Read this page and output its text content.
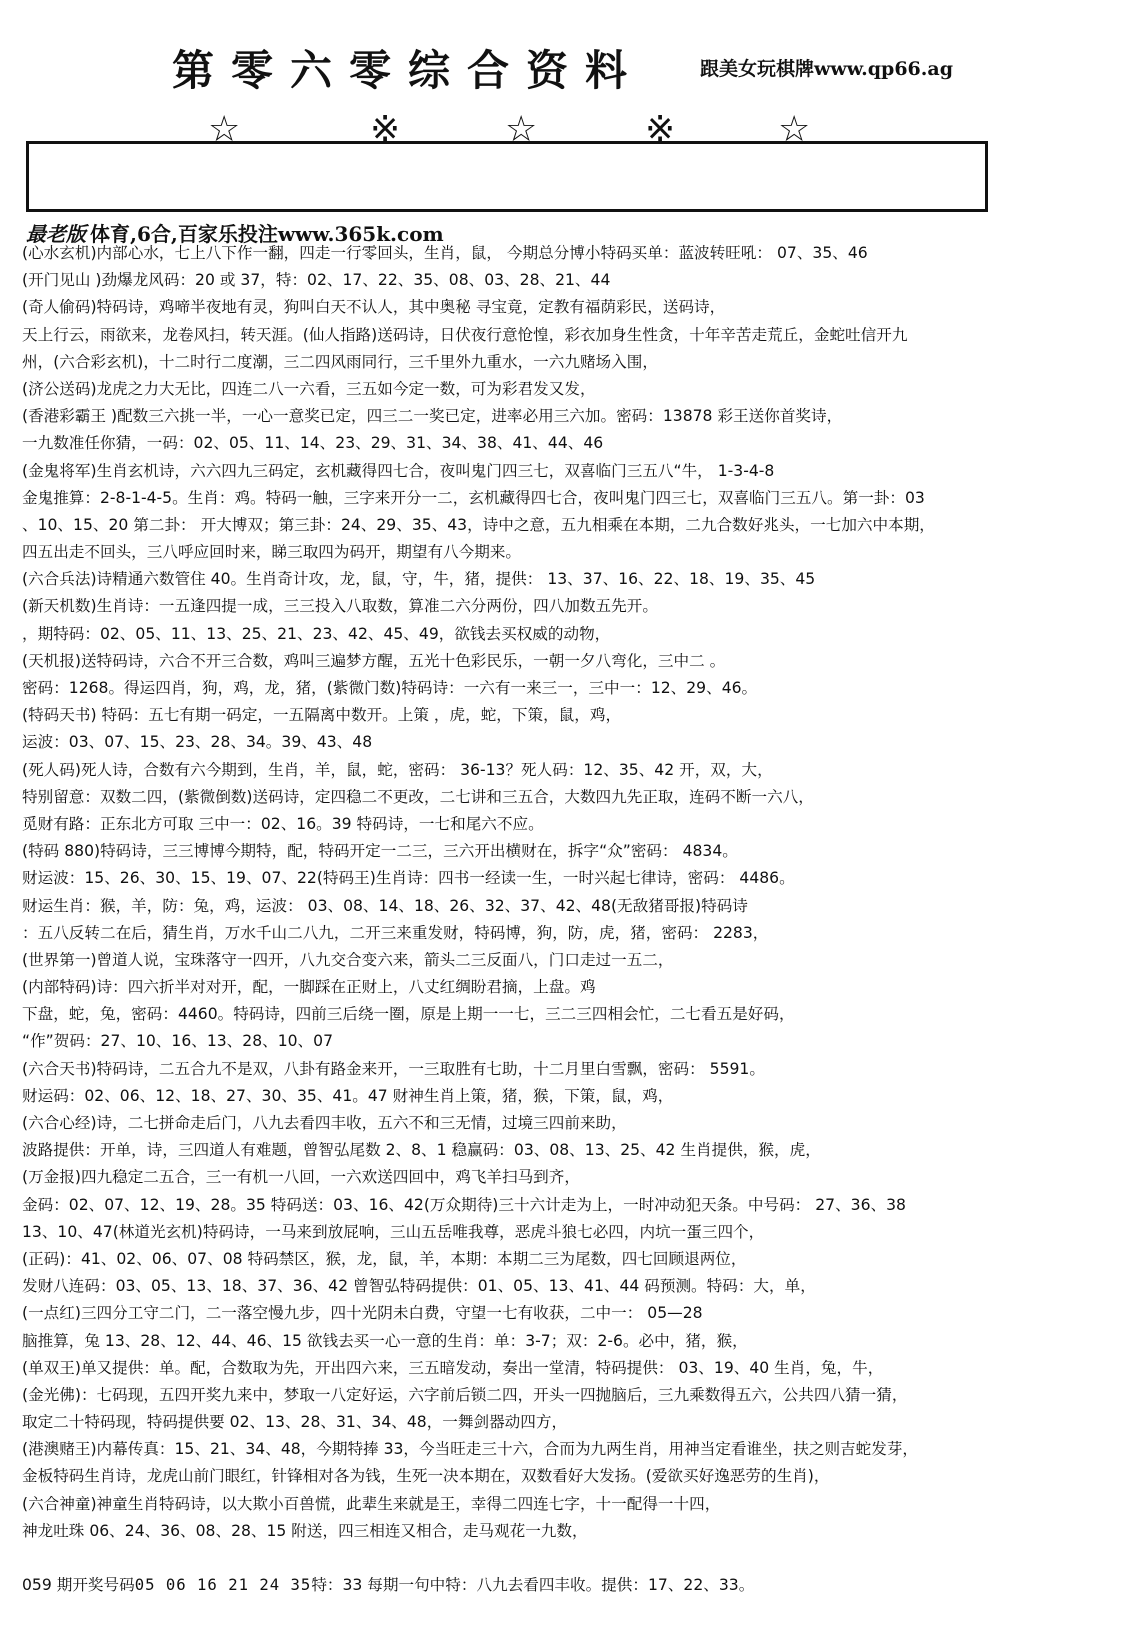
第零六零综合资料	跟美女玩棋牌www.qp66.ag
☆	※	☆	※	☆
最老版 体育,6合,百家乐投注www.365k.com
(心水玄机)内部心水，七上八下作一翻，四走一行零回头，生肖，鼠， 今期总分博小特码买单：蓝波转旺吼： 07、35、46
(开门见山 )劲爆龙风码：20 或 37，特：02、17、22、35、08、03、28、21、44
(奇人偷码)特码诗，鸡啼半夜地有灵，狗叫白天不认人，其中奥秘 寻宝竟，定教有福荫彩民，送码诗，
天上行云，雨欲来，龙卷风扫，转天涯。(仙人指路)送码诗，日伏夜行意怆惶，彩衣加身生性贪，十年辛苦走荒丘，金蛇吐信开九
州，(六合彩玄机)，十二时行二度潮，三二四风雨同行，三千里外九重水，一六九赌场入围，
(济公送码)龙虎之力大无比，四连二八一六看，三五如今定一数，可为彩君发又发，
(香港彩霸王 )配数三六挑一半，一心一意奖已定，四三二一奖已定，进率必用三六加。密码：13878 彩王送你首奖诗，
一九数准任你猜，一码：02、05、11、14、23、29、31、34、38、41、44、46
(金鬼将军)生肖玄机诗，六六四九三码定，玄机藏得四七合，夜叫鬼门四三七，双喜临门三五八“牛， 1-3-4-8
金鬼推算：2-8-1-4-5。生肖：鸡。特码一触，三字来开分一二，玄机藏得四七合，夜叫鬼门四三七，双喜临门三五八。第一卦：03
、10、15、20 第二卦： 开大博双；第三卦：24、29、35、43，诗中之意，五九相乘在本期，二九合数好兆头，一七加六中本期，
四五出走不回头，三八呼应回时来，睇三取四为码开，期望有八今期来。
(六合兵法)诗精通六数管住 40。生肖奇计攻，龙，鼠，守，牛，猪，提供： 13、37、16、22、18、19、35、45
(新天机数)生肖诗：一五逢四提一成，三三投入八取数，算准二六分两份，四八加数五先开。
，期特码：02、05、11、13、25、21、23、42、45、49，欲钱去买权威的动物，
(天机报)送特码诗，六合不开三合数，鸡叫三遍梦方醒，五光十色彩民乐，一朝一夕八弯化，三中二 。
密码：1268。得运四肖，狗，鸡，龙，猪，(紫微门数)特码诗：一六有一来三一，三中一：12、29、46。
(特码天书) 特码：五七有期一码定，一五隔离中数开。上策 ，虎，蛇，下策，鼠，鸡，
运波：03、07、15、23、28、34。39、43、48
(死人码)死人诗，合数有六今期到，生肖，羊，鼠，蛇，密码： 36-13？死人码：12、35、42 开，双，大，
特别留意：双数二四，(紫微倒数)送码诗，定四稳二不更改，二七讲和三五合，大数四九先正取，连码不断一六八，
觅财有路：正东北方可取 三中一：02、16。39 特码诗，一七和尾六不应。
(特码 880)特码诗，三三博博今期特，配，特码开定一二三，三六开出横财在，拆字“众”密码： 4834。
财运波：15、26、30、15、19、07、22(特码王)生肖诗：四书一经读一生，一时兴起七律诗，密码： 4486。
财运生肖：猴，羊，防：兔，鸡，运波： 03、08、14、18、26、32、37、42、48(无敌猪哥报)特码诗
：五八反转二在后，猜生肖，万水千山二八九，二开三来重发财，特码博，狗，防，虎，猪，密码： 2283，
(世界第一)曾道人说，宝珠落守一四开，八九交合变六来，箭头二三反面八，门口走过一五二，
(内部特码)诗：四六折半对对开，配，一脚踩在正财上，八丈红绸盼君摘，上盘。鸡
下盘，蛇，兔，密码：4460。特码诗，四前三后绕一圈，原是上期一一七，三二三四相会忙，二七看五是好码，
“作”贺码：27、10、16、13、28、10、07
(六合天书)特码诗，二五合九不是双，八卦有路金来开，一三取胜有七助，十二月里白雪飘，密码： 5591。
财运码：02、06、12、18、27、30、35、41。47 财神生肖上策，猪，猴，下策，鼠，鸡，
(六合心经)诗，二七拼命走后门，八九去看四丰收，五六不和三无情，过境三四前来助，
波路提供：开单，诗，三四道人有难题，曾智弘尾数 2、8、1 稳赢码：03、08、13、25、42 生肖提供，猴，虎，
(万金报)四九稳定二五合，三一有机一八回，一六欢送四回中，鸡飞羊扫马到齐，
金码：02、07、12、19、28。35 特码送：03、16、42(万众期待)三十六计走为上，一时冲动犯天条。中号码： 27、36、38
13、10、47(林道光玄机)特码诗，一马来到放屁响，三山五岳唯我尊，恶虎斗狼七必四，内坑一蛋三四个，
(正码)：41、02、06、07、08 特码禁区，猴，龙，鼠，羊，本期：本期二三为尾数，四七回顾退两位，
发财八连码：03、05、13、18、37、36、42 曾智弘特码提供：01、05、13、41、44 码预测。特码：大，单，
(一点红)三四分工守二门，二一落空慢九步，四十光阴未白费，守望一七有收获，二中一： 05—28
脑推算，兔 13、28、12、44、46、15 欲钱去买一心一意的生肖：单：3-7；双：2-6。必中，猪，猴，
(单双王)单又提供：单。配，合数取为先，开出四六来，三五暗发动，奏出一堂清，特码提供： 03、19、40 生肖，兔，牛，
(金光佛)：七码现，五四开奖九来中，梦取一八定好运，六字前后锁二四，开头一四抛脑后，三九乘数得五六，公共四八猜一猜，
取定二十特码现，特码提供要 02、13、28、31、34、48，一舞剑器动四方，
(港澳赌王)内幕传真：15、21、34、48，今期特捧 33，今当旺走三十六，合而为九两生肖，用神当定看谁坐，扶之则吉蛇发芽，
金板特码生肖诗，龙虎山前门眼红，针锋相对各为钱，生死一决本期在，双数看好大发扬。(爱欲买好逸恶劳的生肖)，
(六合神童)神童生肖特码诗，以大欺小百兽慌，此辈生来就是王，幸得二四连七字，十一配得一十四，
神龙吐珠 06、24、36、08、28、15 附送，四三相连又相合，走马观花一九数，
059 期开奖号码05 06 16 21 24 35特：33 每期一句中特：八九去看四丰收。提供：17、22、33。
